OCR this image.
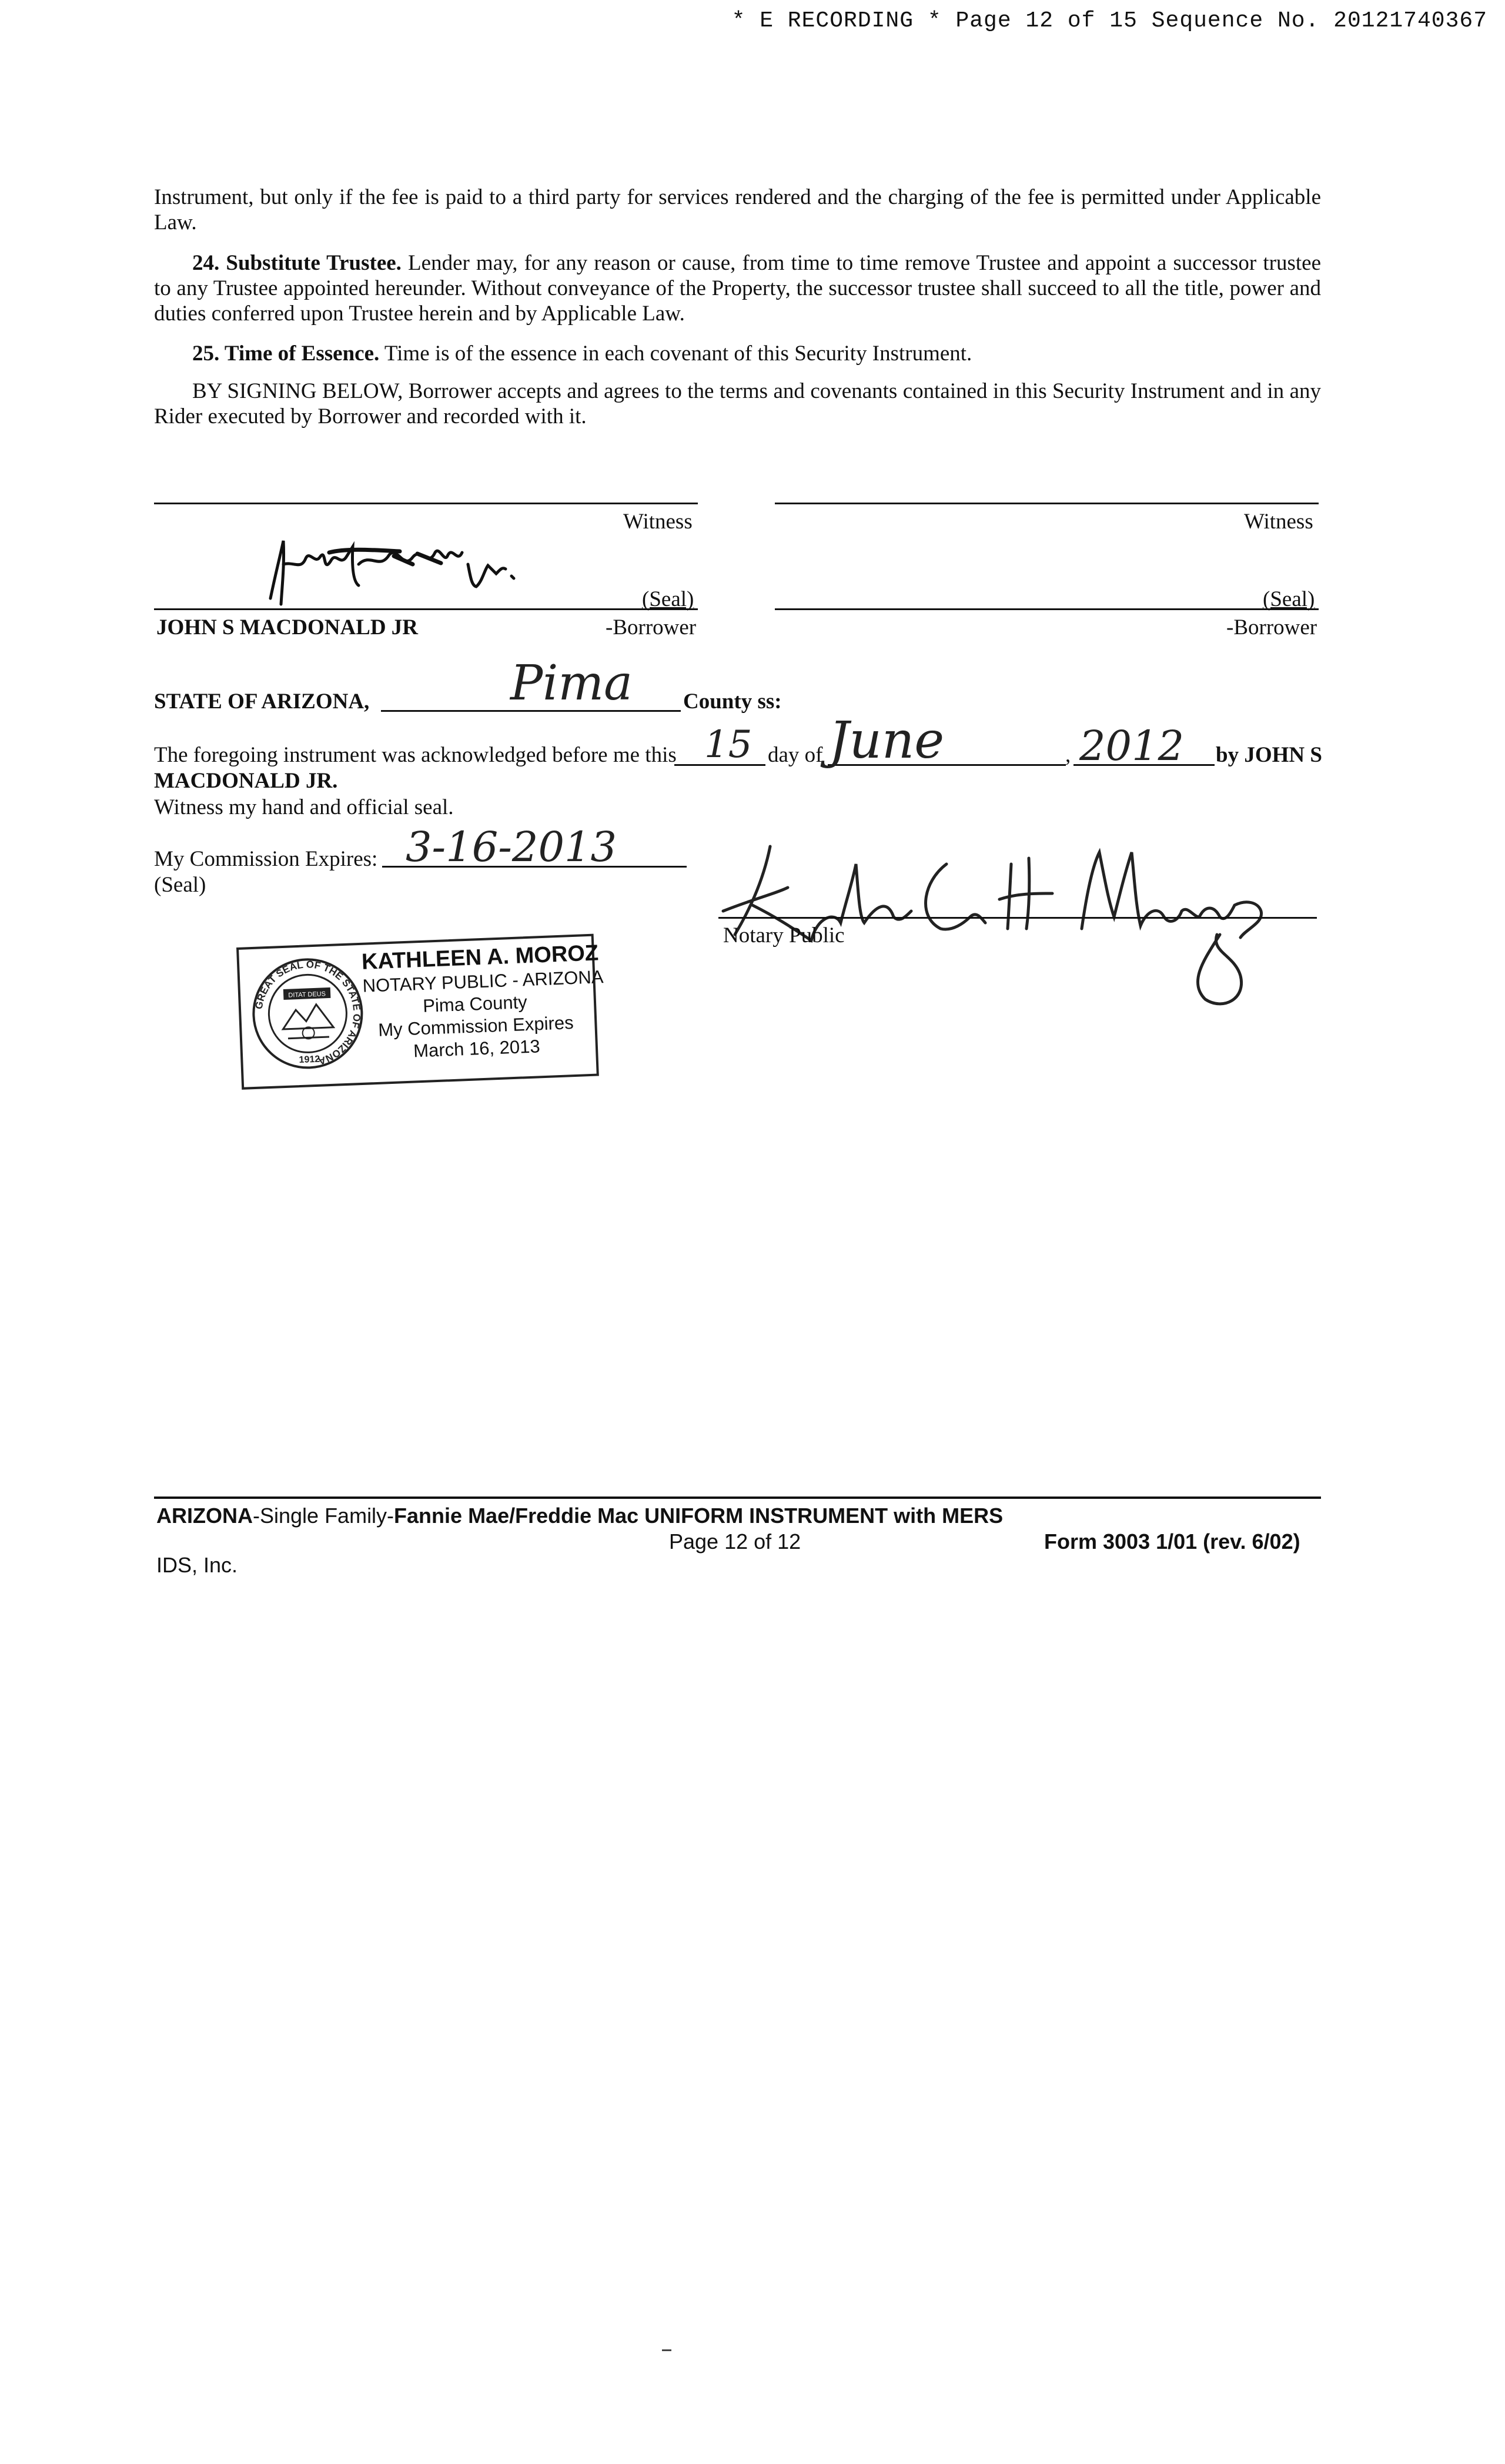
* E RECORDING * Page 12 of 15 Sequence No. 20121740367
Instrument, but only if the fee is paid to a third party for services rendered and the charging of the fee is permitted under Applicable Law.
24. Substitute Trustee. Lender may, for any reason or cause, from time to time remove Trustee and appoint a successor trustee to any Trustee appointed hereunder. Without conveyance of the Property, the successor trustee shall succeed to all the title, power and duties conferred upon Trustee herein and by Applicable Law.
25. Time of Essence. Time is of the essence in each covenant of this Security Instrument.
BY SIGNING BELOW, Borrower accepts and agrees to the terms and covenants contained in this Security Instrument and in any Rider executed by Borrower and recorded with it.
Witness	Witness
(Seal)
JOHN S MACDONALD JR	-Borrower
(Seal)
-Borrower
STATE OF ARIZONA,	Pima County ss:
The foregoing instrument was acknowledged before me this 15 day of June	, 2012 by JOHN S
MACDONALD JR.
Witness my hand and official seal.
My Commission Expires: 3-16-2013
(Seal)
Notary Public
GREAT SEAL OF THE STATE OF ARIZONA
DITAT DEUS
1912
KATHLEEN A. MOROZ
NOTARY PUBLIC - ARIZONA
Pima County
My Commission Expires
March 16, 2013
ARIZONA-Single Family-Fannie Mae/Freddie Mac UNIFORM INSTRUMENT with MERS
Page 12 of 12	Form 3003 1/01 (rev. 6/02)
IDS, Inc.
